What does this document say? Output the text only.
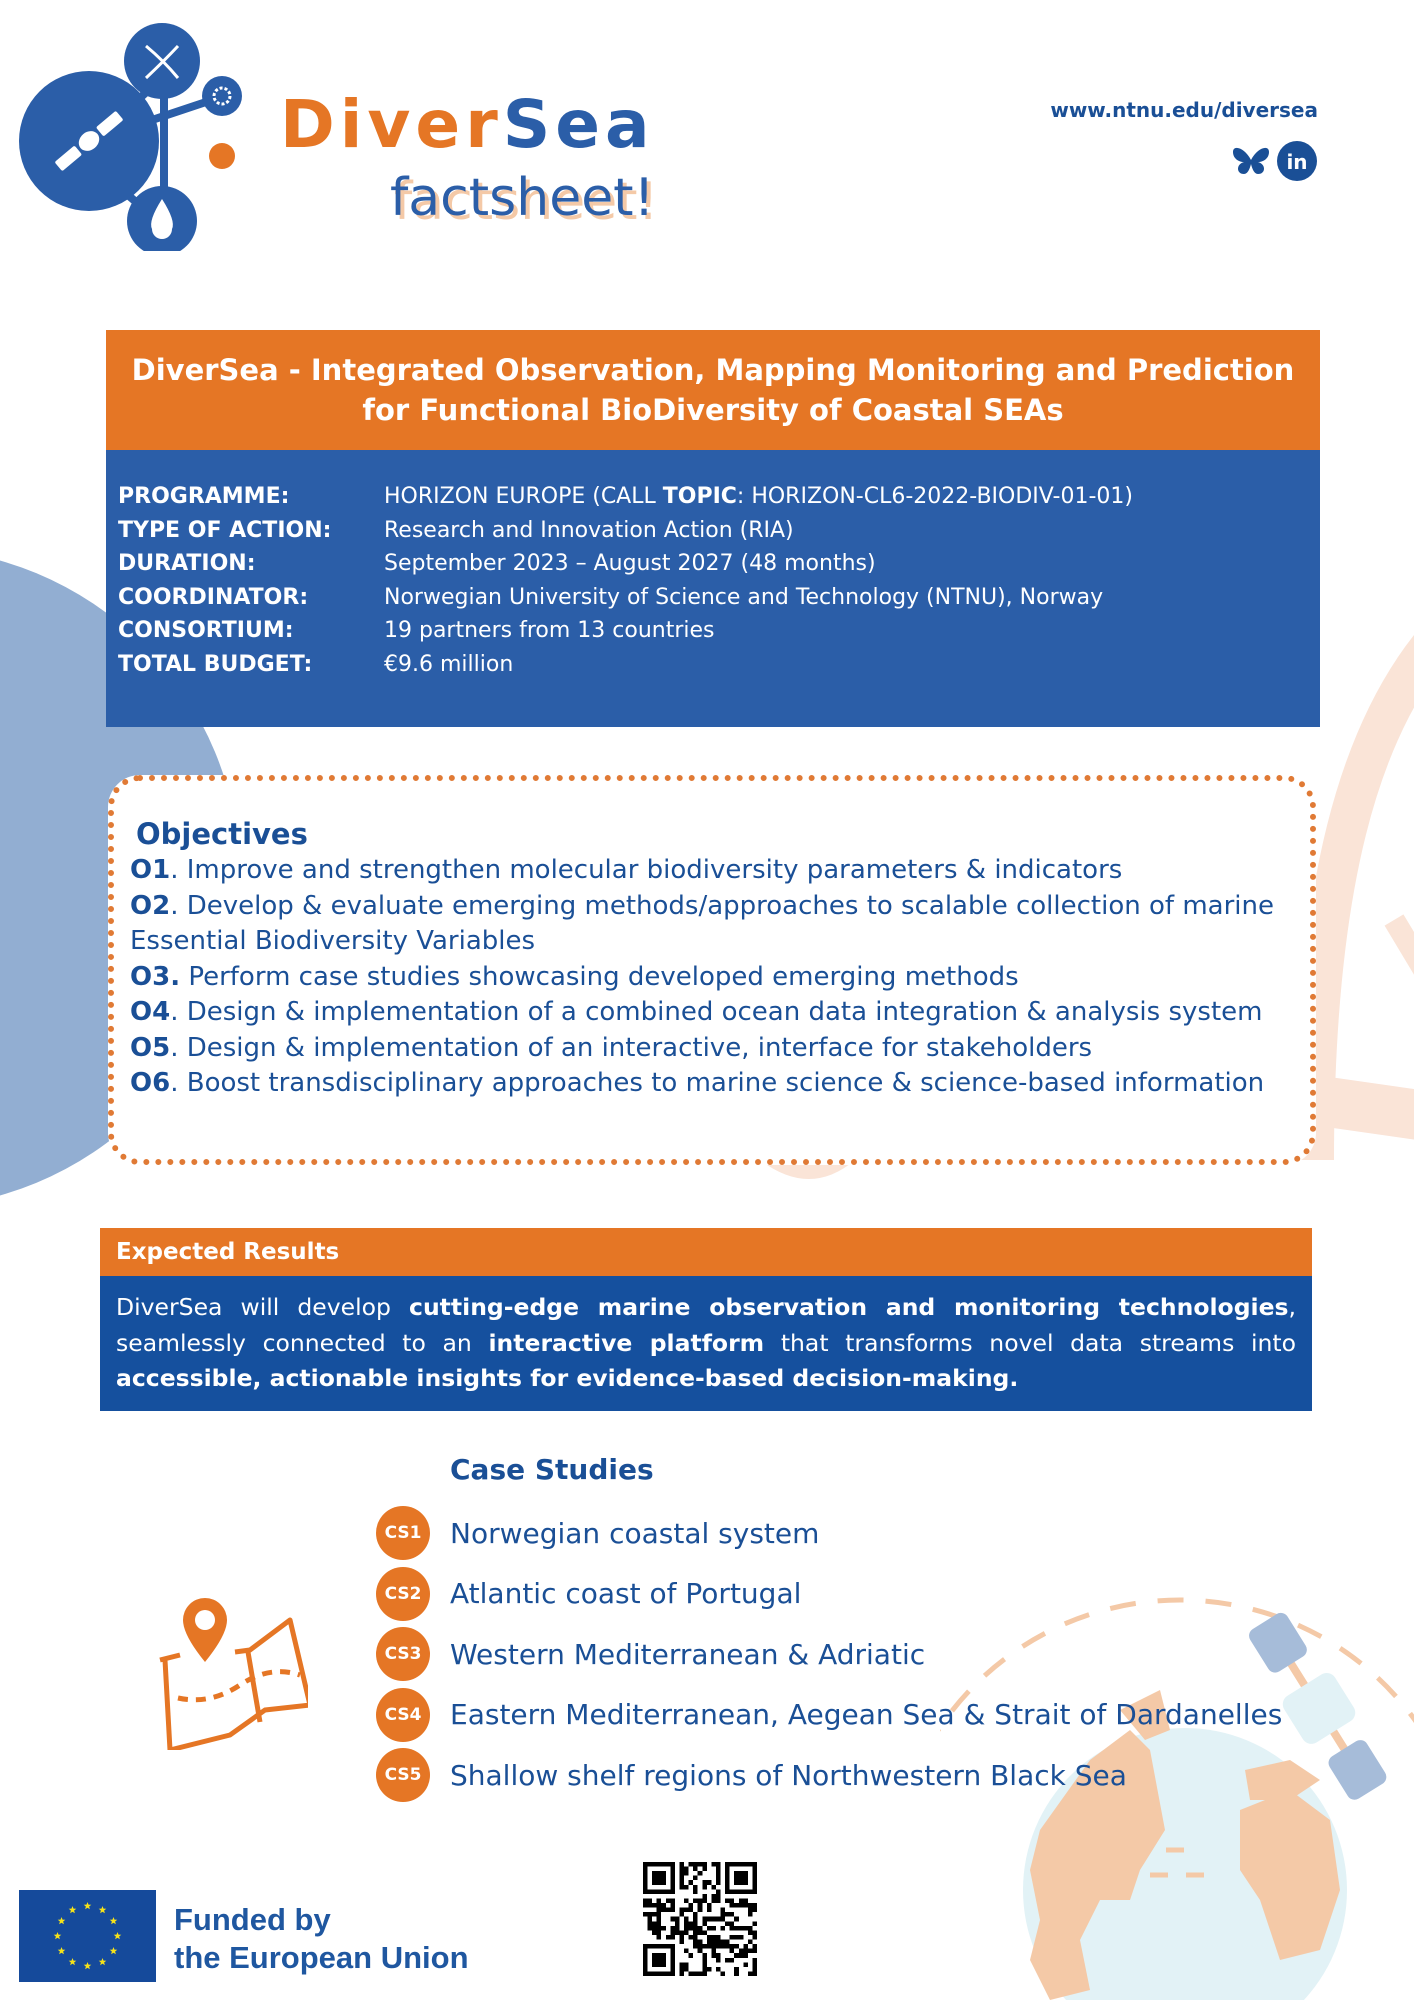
DiverSea
factsheet!
www.ntnu.edu/diversea
in
DiverSea - Integrated Observation, Mapping Monitoring and Prediction for Functional BioDiversity of Coastal SEAs
PROGRAMME:	HORIZON EUROPE (CALL TOPIC: HORIZON-CL6-2022-BIODIV-01-01)
TYPE OF ACTION:	Research and Innovation Action (RIA)
DURATION:	September 2023 – August 2027 (48 months)
COORDINATOR:	Norwegian University of Science and Technology (NTNU), Norway
CONSORTIUM:	19 partners from 13 countries
TOTAL BUDGET:	€9.6 million
Objectives
O1. Improve and strengthen molecular biodiversity parameters & indicators
O2. Develop & evaluate emerging methods/approaches to scalable collection of marine Essential Biodiversity Variables
O3. Perform case studies showcasing developed emerging methods
O4. Design & implementation of a combined ocean data integration & analysis system
O5. Design & implementation of an interactive, interface for stakeholders
O6. Boost transdisciplinary approaches to marine science & science-based information
Expected Results
DiverSea will develop cutting-edge marine observation and monitoring technologies, seamlessly connected to an interactive platform that transforms novel data streams into accessible, actionable insights for evidence-based decision-making.
Case Studies
CS1	Norwegian coastal system
CS2	Atlantic coast of Portugal
CS3	Western Mediterranean & Adriatic
CS4	Eastern Mediterranean, Aegean Sea & Strait of Dardanelles
CS5	Shallow shelf regions of Northwestern Black Sea
Funded by
the European Union
